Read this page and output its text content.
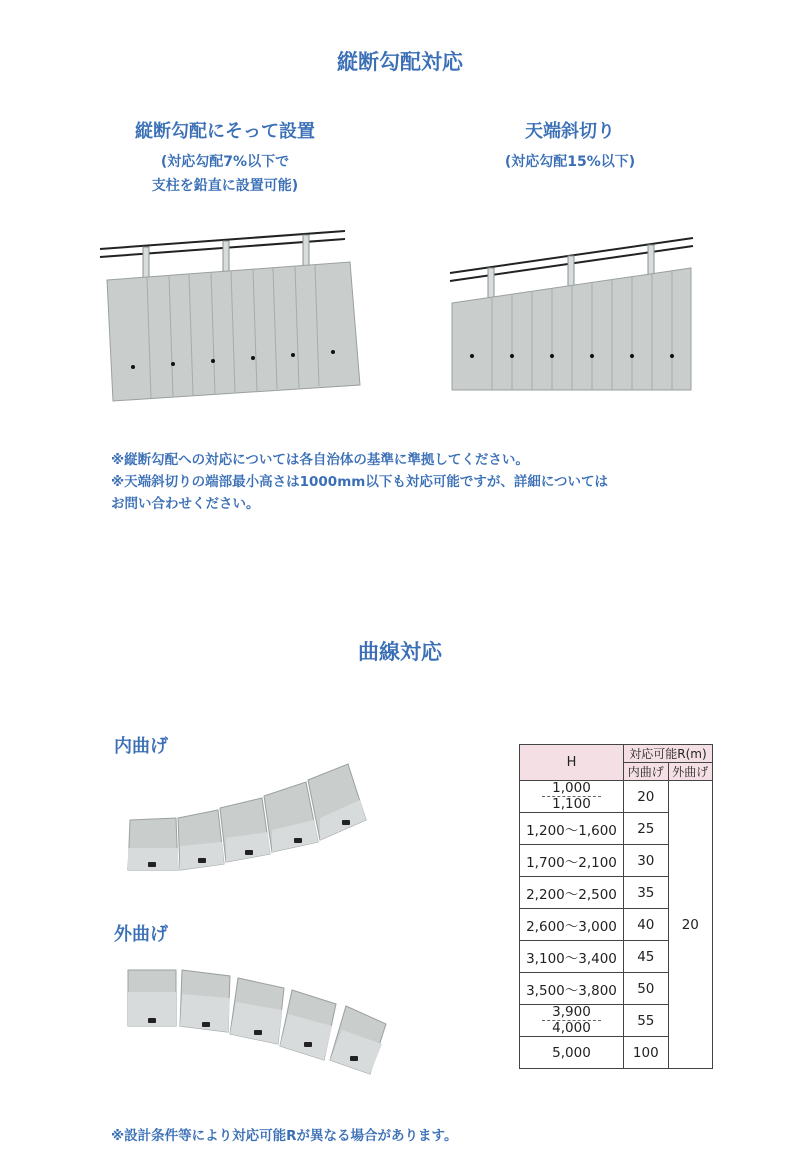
縦断勾配対応
縦断勾配にそって設置
(対応勾配7%以下で
支柱を鉛直に設置可能)
天端斜切り
(対応勾配15%以下)
※縦断勾配への対応については各自治体の基準に準拠してください。
※天端斜切りの端部最小高さは1000mm以下も対応可能ですが、詳細については
お問い合わせください。
曲線対応
内曲げ
外曲げ
H	対応可能R(m)	
	内曲げ	外曲げ

1,000
1,100	20	20
1,200～1,600	25	
1,700～2,100	30	
2,200～2,500	35	
2,600～3,000	40	
3,100～3,400	45	
3,500～3,800	50	

3,900
4,000	55	
5,000	100	
※設計条件等により対応可能Rが異なる場合があります。
